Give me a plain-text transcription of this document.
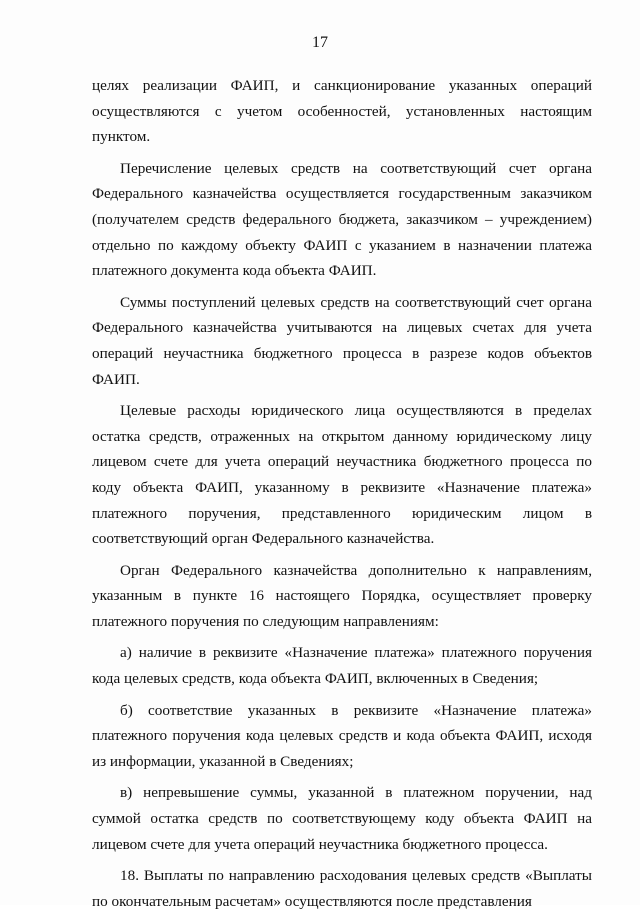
17

целях реализации ФАИП, и санкционирование указанных операций осуществляются с учетом особенностей, установленных настоящим пунктом.

Перечисление целевых средств на соответствующий счет органа Федерального казначейства осуществляется государственным заказчиком (получателем средств федерального бюджета, заказчиком – учреждением) отдельно по каждому объекту ФАИП с указанием в назначении платежа платежного документа кода объекта ФАИП.

Суммы поступлений целевых средств на соответствующий счет органа Федерального казначейства учитываются на лицевых счетах для учета операций неучастника бюджетного процесса в разрезе кодов объектов ФАИП.

Целевые расходы юридического лица осуществляются в пределах остатка средств, отраженных на открытом данному юридическому лицу лицевом счете для учета операций неучастника бюджетного процесса по коду объекта ФАИП, указанному в реквизите «Назначение платежа» платежного поручения, представленного юридическим лицом в соответствующий орган Федерального казначейства.

Орган Федерального казначейства дополнительно к направлениям, указанным в пункте 16 настоящего Порядка, осуществляет проверку платежного поручения по следующим направлениям:

а) наличие в реквизите «Назначение платежа» платежного поручения кода целевых средств, кода объекта ФАИП, включенных в Сведения;

б) соответствие указанных в реквизите «Назначение платежа» платежного поручения кода целевых средств и кода объекта ФАИП, исходя из информации, указанной в Сведениях;

в) непревышение суммы, указанной в платежном поручении, над суммой остатка средств по соответствующему коду объекта ФАИП на лицевом счете для учета операций неучастника бюджетного процесса.

18. Выплаты по направлению расходования целевых средств «Выплаты по окончательным расчетам» осуществляются после представления
